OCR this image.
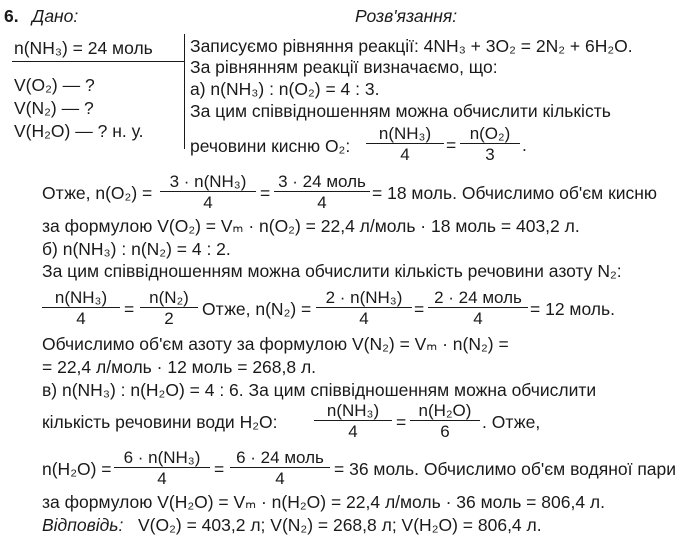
6. Дано:	Розв'язання:
n(NH₃) = 24 моль
V(O₂) — ?
V(N₂) — ?
V(H₂O) — ? н. у.
Записуємо рівняння реакції: 4NH₃ + 3O₂ = 2N₂ + 6H₂O.
За рівнянням реакції визначаємо, що:
а) n(NH₃) : n(O₂) = 4 : 3.
За цим співвідношенням можна обчислити кількість
речовини кисню O₂: $\frac{\text{n(NH₃)}}{4} = \frac{\text{n(O₂)}}{3}$ .
Отже, $n(O_2) = \frac{\text{3 · n(NH₃)}}{4}$ =
3 · 24 моль
4	= 18 моль. Обчислимо об'єм кисню
за формулою V(O₂) = Vₘ · n(O₂) = 22,4 л/моль · 18 моль = 403,2 л.
б) n(NH₃) : n(N₂) = 4 : 2.
За цим співвідношенням можна обчислити кількість речовини азоту N₂:
$\frac{\text{n(NH₃)}}{4} = \frac{\text{n(N₂)}}{2}$ Отже, $n(N_2) = \frac{\text{2 · n(NH₃)}}{4}$ =
2 · 24 моль
4	= 12 моль.
Обчислимо об'єм азоту за формулою V(N₂) = Vₘ · n(N₂) =
= 22,4 л/моль · 12 моль = 268,8 л.
в) n(NH₃) : n(H₂O) = 4 : 6. За цим співвідношенням можна обчислити
кількість речовини води H₂O: $\frac{\text{n(NH₃)}}{4} = \frac{\text{n(H₂O)}}{6}$ . Отже,
$n(H_2O) = \frac{\text{6 · n(NH₃)}}{4}$ =
6 · 24 моль
4	= 36 моль. Обчислимо об'єм водяної пари
за формулою V(H₂O) = Vₘ · n(H₂O) = 22,4 л/моль · 36 моль = 806,4 л.
Відповідь: V(O₂) = 403,2 л; V(N₂) = 268,8 л; V(H₂O) = 806,4 л.
